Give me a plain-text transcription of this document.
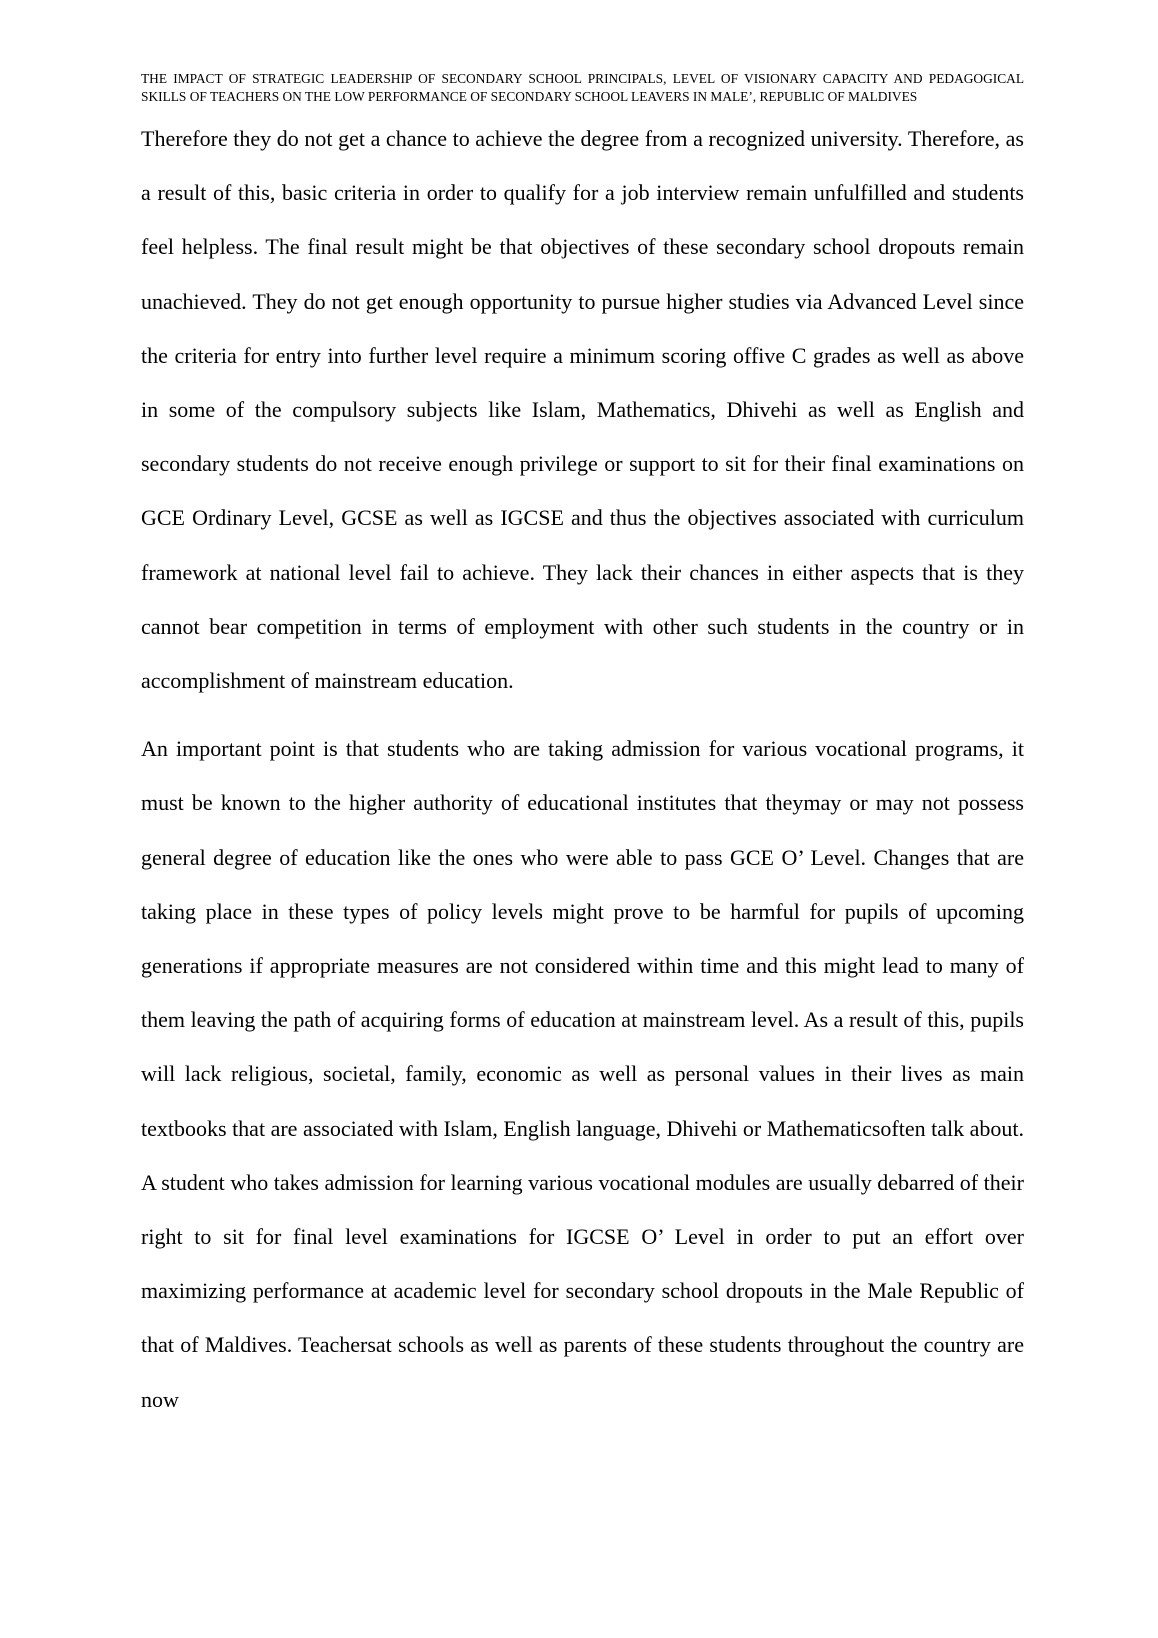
THE IMPACT OF STRATEGIC LEADERSHIP OF SECONDARY SCHOOL PRINCIPALS, LEVEL OF VISIONARY CAPACITY AND PEDAGOGICAL SKILLS OF TEACHERS ON THE LOW PERFORMANCE OF SECONDARY SCHOOL LEAVERS IN MALE’, REPUBLIC OF MALDIVES

Therefore they do not get a chance to achieve the degree from a recognized university. Therefore, as a result of this, basic criteria in order to qualify for a job interview remain unfulfilled and students feel helpless. The final result might be that objectives of these secondary school dropouts remain unachieved. They do not get enough opportunity to pursue higher studies via Advanced Level since the criteria for entry into further level require a minimum scoring offive C grades as well as above in some of the compulsory subjects like Islam, Mathematics, Dhivehi as well as English and secondary students do not receive enough privilege or support to sit for their final examinations on GCE Ordinary Level, GCSE as well as IGCSE and thus the objectives associated with curriculum framework at national level fail to achieve. They lack their chances in either aspects that is they cannot bear competition in terms of employment with other such students in the country or in accomplishment of mainstream education.

An important point is that students who are taking admission for various vocational programs, it must be known to the higher authority of educational institutes that theymay or may not possess general degree of education like the ones who were able to pass GCE O’ Level. Changes that are taking place in these types of policy levels might prove to be harmful for pupils of upcoming generations if appropriate measures are not considered within time and this might lead to many of them leaving the path of acquiring forms of education at mainstream level. As a result of this, pupils will lack religious, societal, family, economic as well as personal values in their lives as main textbooks that are associated with Islam, English language, Dhivehi or Mathematicsoften talk about. A student who takes admission for learning various vocational modules are usually debarred of their right to sit for final level examinations for IGCSE O’ Level in order to put an effort over maximizing performance at academic level for secondary school dropouts in the Male Republic of that of Maldives. Teachersat schools as well as parents of these students throughout the country are now
